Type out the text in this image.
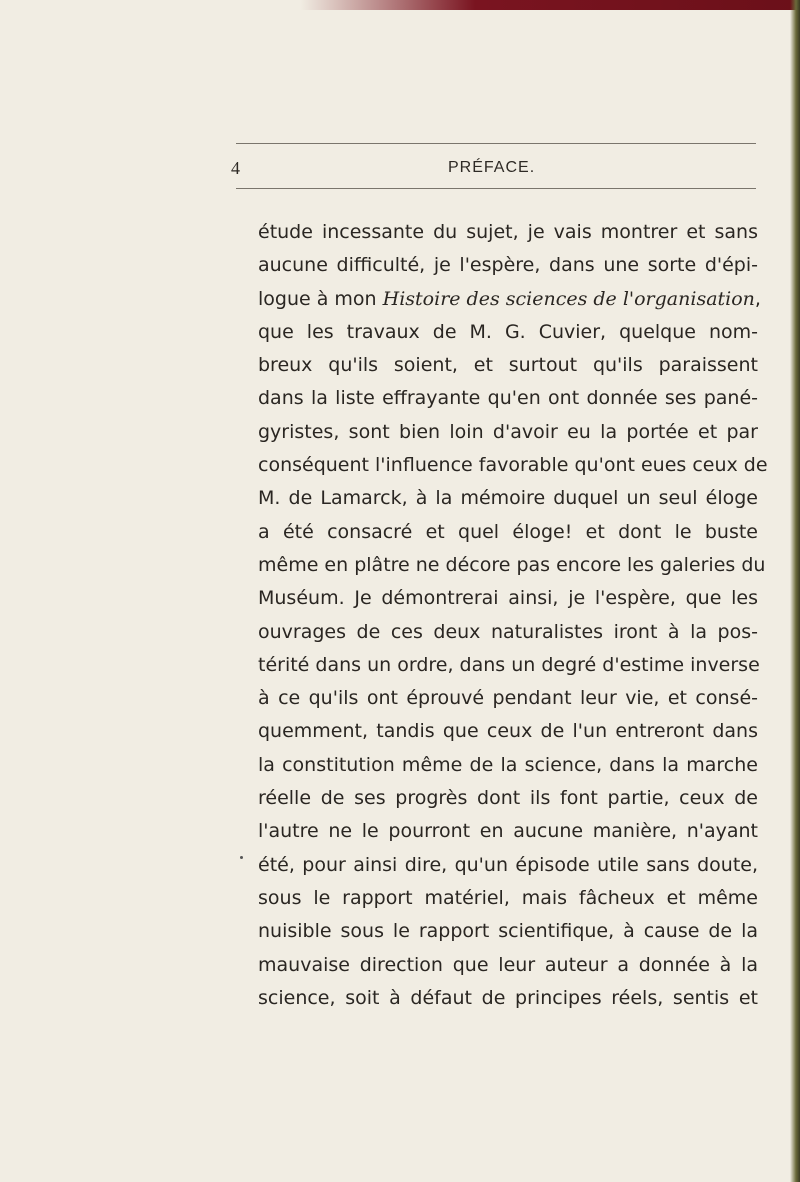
4	PRÉFACE.
étude incessante du sujet, je vais montrer et sans
aucune difficulté, je l'espère, dans une sorte d'épi-
logue à mon Histoire des sciences de l'organisation,
que les travaux de M. G. Cuvier, quelque nom-
breux qu'ils soient, et surtout qu'ils paraissent
dans la liste effrayante qu'en ont donnée ses pané-
gyristes, sont bien loin d'avoir eu la portée et par
conséquent l'influence favorable qu'ont eues ceux de
M. de Lamarck, à la mémoire duquel un seul éloge
a été consacré et quel éloge! et dont le buste
même en plâtre ne décore pas encore les galeries du
Muséum. Je démontrerai ainsi, je l'espère, que les
ouvrages de ces deux naturalistes iront à la pos-
térité dans un ordre, dans un degré d'estime inverse
à ce qu'ils ont éprouvé pendant leur vie, et consé-
quemment, tandis que ceux de l'un entreront dans
la constitution même de la science, dans la marche
réelle de ses progrès dont ils font partie, ceux de
l'autre ne le pourront en aucune manière, n'ayant
été, pour ainsi dire, qu'un épisode utile sans doute,
sous le rapport matériel, mais fâcheux et même
nuisible sous le rapport scientifique, à cause de la
mauvaise direction que leur auteur a donnée à la
science, soit à défaut de principes réels, sentis et
